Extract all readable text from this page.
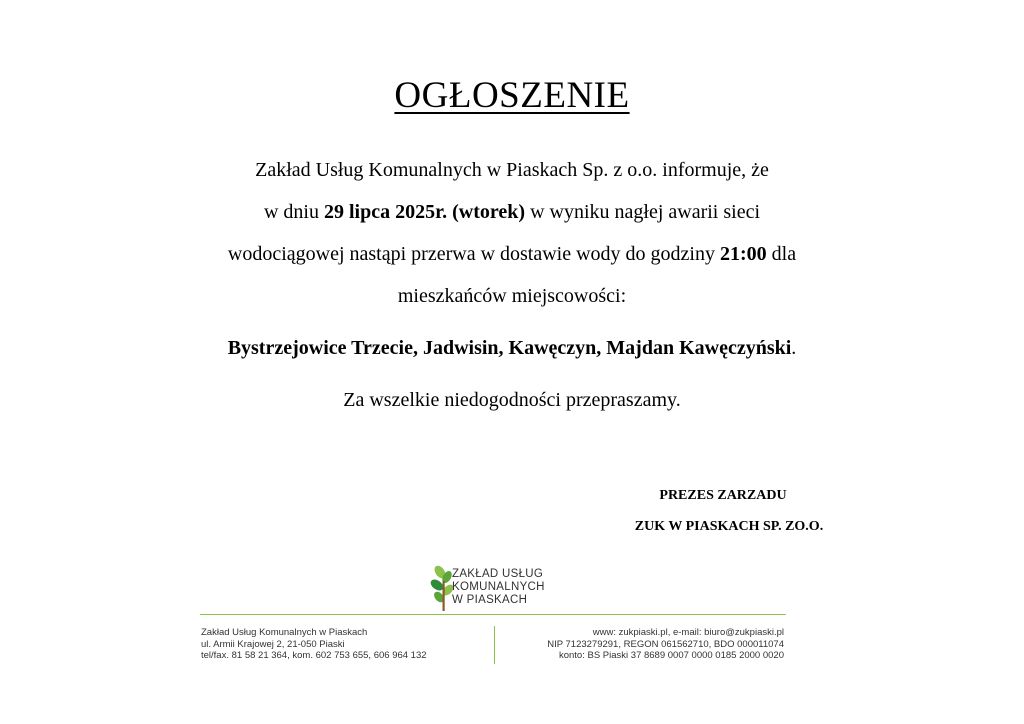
OGŁOSZENIE
Zakład Usług Komunalnych w Piaskach Sp. z o.o. informuje, że
w dniu 29 lipca 2025r. (wtorek) w wyniku nagłej awarii sieci
wodociągowej nastąpi przerwa w dostawie wody do godziny 21:00 dla
mieszkańców miejscowości:
Bystrzejowice Trzecie, Jadwisin, Kawęczyn, Majdan Kawęczyński.
Za wszelkie niedogodności przepraszamy.
PREZES ZARZADU
ZUK W PIASKACH SP. ZO.O.
ZAKŁAD USŁUG
KOMUNALNYCH
W PIASKACH
Zakład Usług Komunalnych w Piaskach
ul. Armii Krajowej 2, 21-050 Piaski
tel/fax. 81 58 21 364, kom. 602 753 655, 606 964 132
www: zukpiaski.pl, e-mail: biuro@zukpiaski.pl
NIP 7123279291, REGON 061562710, BDO 000011074
konto: BS Piaski 37 8689 0007 0000 0185 2000 0020
